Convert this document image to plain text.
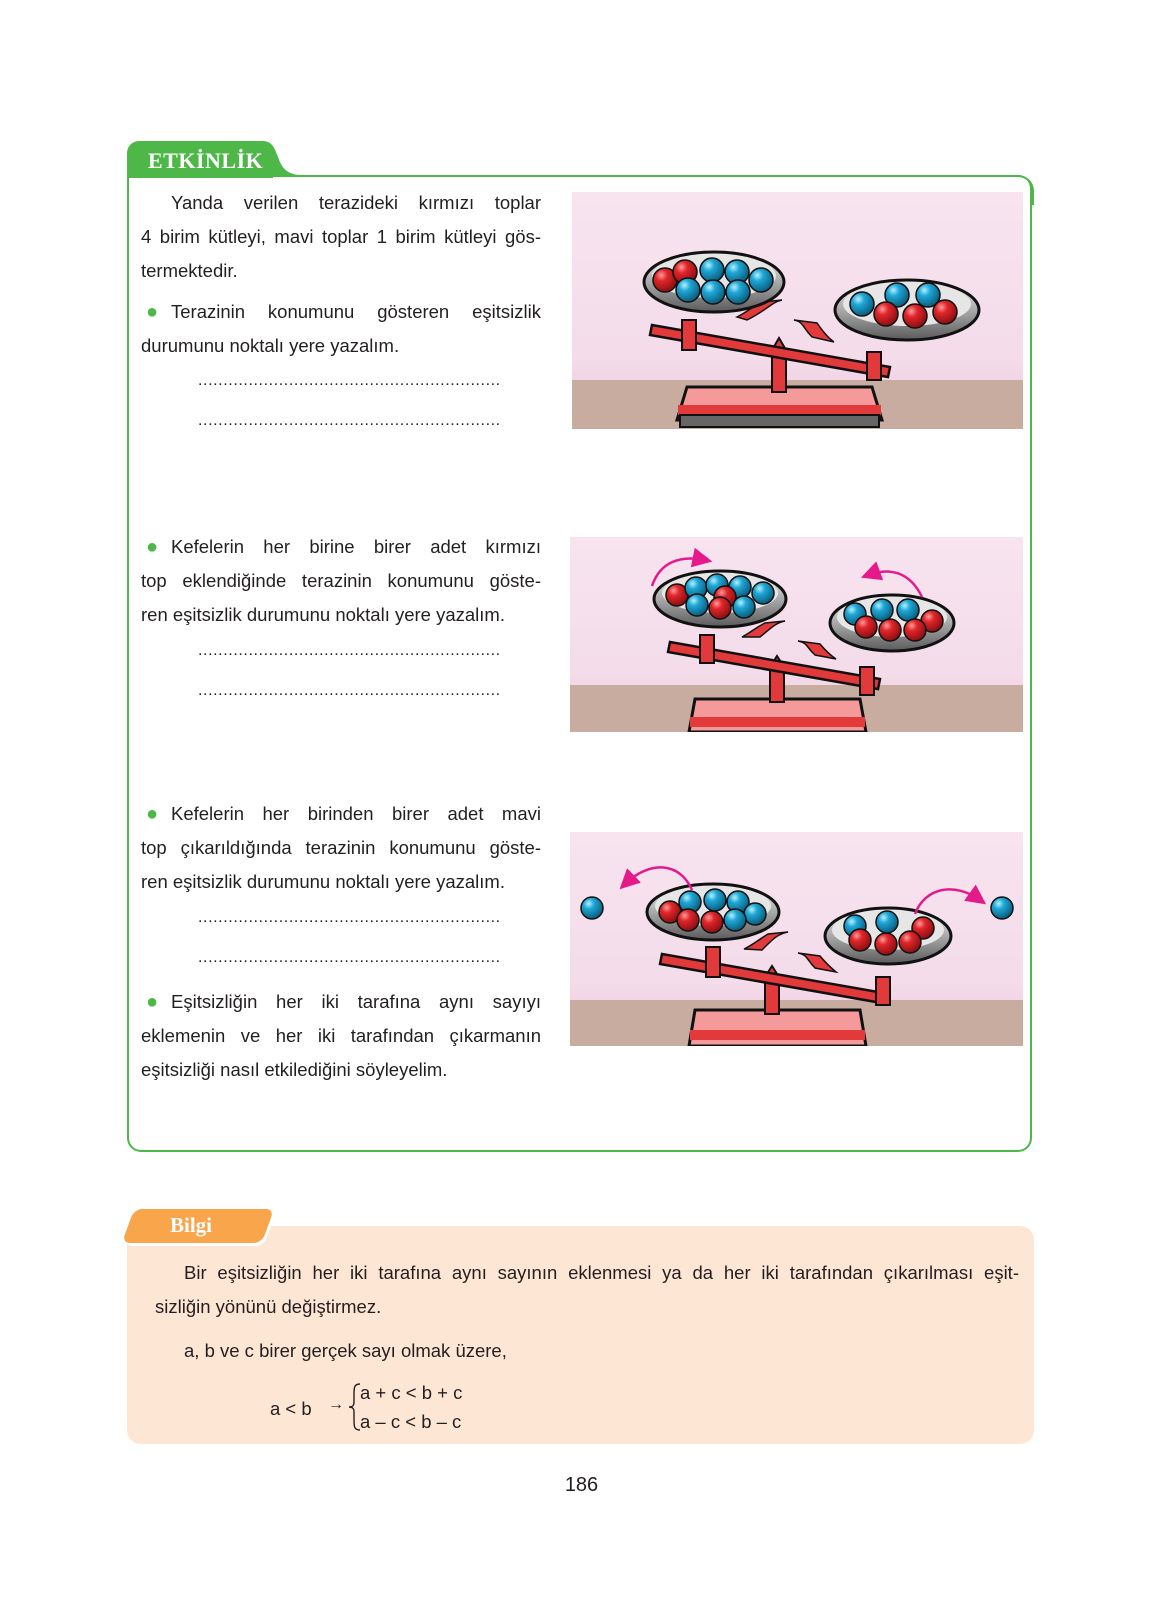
ETKİNLİK
Yanda verilen terazideki kırmızı toplar
4 birim kütleyi, mavi toplar 1 birim kütleyi gös-
termektedir.
● Terazinin konumunu gösteren eşitsizlik
durumunu noktalı yere yazalım.
............................................................
............................................................
● Kefelerin her birine birer adet kırmızı
top eklendiğinde terazinin konumunu göste-
ren eşitsizlik durumunu noktalı yere yazalım.
............................................................
............................................................
● Kefelerin her birinden birer adet mavi
top çıkarıldığında terazinin konumunu göste-
ren eşitsizlik durumunu noktalı yere yazalım.
............................................................
............................................................
● Eşitsizliğin her iki tarafına aynı sayıyı
eklemenin ve her iki tarafından çıkarmanın
eşitsizliği nasıl etkilediğini söyleyelim.
Bilgi
Bir eşitsizliğin her iki tarafına aynı sayının eklenmesi ya da her iki tarafından çıkarılması eşit-
sizliğin yönünü değiştirmez.
a, b ve c birer gerçek sayı olmak üzere,
a < b →
a + c < b + c
a – c < b – c
186
